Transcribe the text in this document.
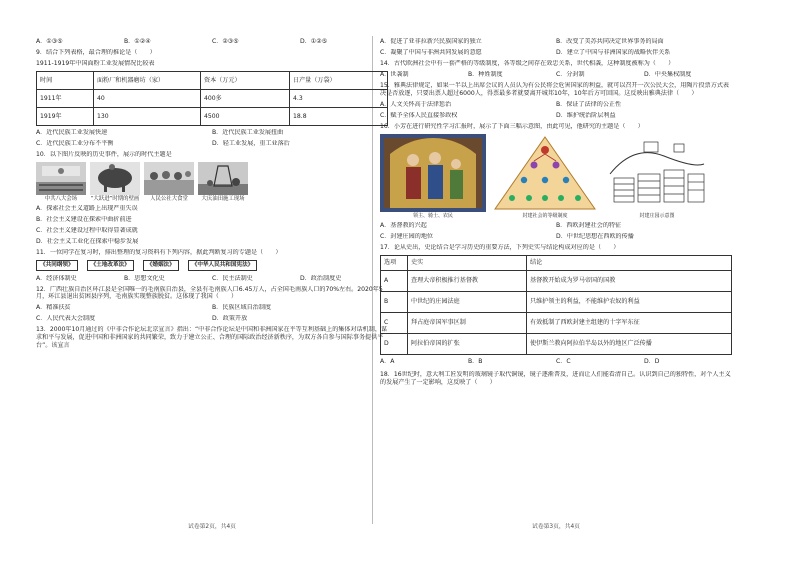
A．①③⑤	B．①②④	C．②③⑤	D．①②⑤
9．结合下列表格，最合理的推论是（　　）
1911-1919年中国面粉工业发展情况比较表
时间	面粉厂和机器磨坊（家）	资本（万元）	日产量（万袋）
1911年	40	400多	4.3
1919年	130	4500	18.8
A．近代民族工业发展快速	B．近代民族工业发展扭曲
C．近代民族工业分布不平衡	D．轻工业发展，重工业落后
10．以下图片反映的历史事件，展示的时代主题是
中共八大会场	“大跃进”时期的壁画	人民公社大食堂	大庆油田施工现场
A．探索社会主义道路上出现严重失误
B．社会主义建设在探索中曲折前进
C．社会主义建设过程中取得显著成就
D．社会主义工业化在探索中稳步发展
11．一位同学在复习时，排出整理的复习资料有下列内容，据此判断复习的专题是（　　）
《共同纲领》	《土地改革法》	《婚姻法》	《中华人民共和国宪法》
A．经济体制史	B．思想文化史	C．民主法制史	D．政治制度史

12．广西壮族自治区环江县是全国唯一的毛南族自治县，全县有毛南族人口6.45万人，占全国毛南族人口的70%左右。2020年5月，环江县退出贫困县序列，毛南族实现整族脱贫。这体现了我国（　　）

A．精准扶贫	B．民族区域自治制度
C．人民代表大会制度	D．政策开放

13．2000年10月通过的《中非合作论坛北京宣言》指出：“中非合作论坛是中国和非洲国家在平等互利基础上的集体对话机制，谋求和平与发展，促进中国和非洲国家的共同繁荣，致力于建立公正、合理的国际政治经济新秩序，为双方各自参与国际事务提供平台”。该宣言

A．促进了亚非拉新兴民族国家的独立	B．改变了美苏共同决定世界事务的局面
C．凝聚了中国与非洲共同发展的意愿	D．建立了中国与非洲国家的战略伙伴关系
14．古代欧洲社会中有一套严格的等级制度，各等级之间存在效忠关系，世代相袭，这种制度被称为（　　）
A．世袭制	B．种姓制度	C．分封制	D．中央集权制度

15．雅典法律规定，如果一半以上出席会议的人员认为有公民将会危害国家的利益，就可以召开一次公民大会，用陶片投票方式表决是否放逐，只要出票人超过6000人，得票最多者就要离开城邦10年，10年后方可回国。这反映出雅典法律（　　）

A．人文关怀高于法律惩治	B．保证了法律的公正性
C．赋予全体人民直接参政权	D．维护统治阶层利益
16．小芳在进行研究性学习汇报时，展示了下面三幅示意图，由此可见，他研究的主题是（　　）
领主、骑士、农民	封建社会的等级制度	封建庄园示意图
A．基督教的兴起	B．西欧封建社会的特征
C．封建庄园的地位	D．中世纪思想在西欧的传播
17．论从史出，史论结合是学习历史的重要方法，下列史实与结论构成对应的是（　　）
选项	史实	结论
A	查理大帝积极推行基督教	基督教开始成为罗马帝国的国教
B	中世纪的庄园法庭	只维护领主的利益，不能维护农奴的利益
C	拜占庭帝国军事区制	有效抵制了西欧封建主组建的十字军东征
D	阿拉伯帝国的扩张	使伊斯兰教向阿拉伯半岛以外的地区广泛传播
A．A	B．B	C．C	D．D

18．16世纪时，意大利工匠发明的玻璃镜子取代铜镜，镜子逐渐普及，进而让人们能看清自己。认识到自己的独特性，对个人主义的发展产生了一定影响，这反映了（　　）

试卷第2页，共4页	试卷第3页，共4页
